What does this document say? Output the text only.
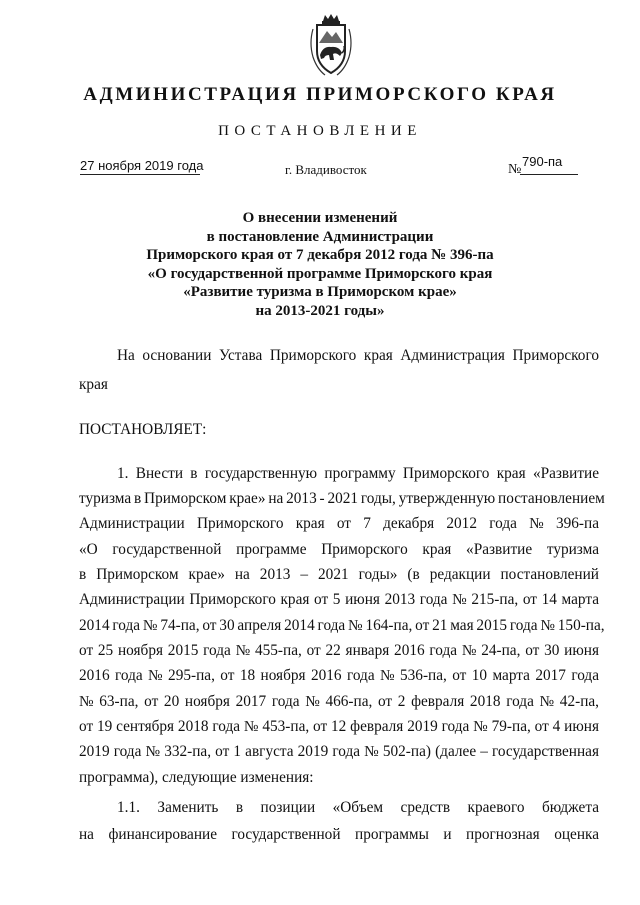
АДМИНИСТРАЦИЯ ПРИМОРСКОГО КРАЯ
ПОСТАНОВЛЕНИЕ
27 ноября 2019 года	г. Владивосток	№
790-па
О внесении изменений
в постановление Администрации
Приморского края от 7 декабря 2012 года № 396-па
«О государственной программе Приморского края
«Развитие туризма в Приморском крае»
на 2013-2021 годы»
На основании Устава Приморского края Администрация Приморского
края
ПОСТАНОВЛЯЕТ:
1. Внести в государственную программу Приморского края «Развитие
туризма в Приморском крае» на 2013 - 2021 годы, утвержденную постановлением
Администрации Приморского края от 7 декабря 2012 года № 396-па
«О государственной программе Приморского края «Развитие туризма
в Приморском крае» на 2013 – 2021 годы» (в редакции постановлений
Администрации Приморского края от 5 июня 2013 года № 215-па, от 14 марта
2014 года № 74-па, от 30 апреля 2014 года № 164-па, от 21 мая 2015 года № 150-па,
от 25 ноября 2015 года № 455-па, от 22 января 2016 года № 24-па, от 30 июня
2016 года № 295-па, от 18 ноября 2016 года № 536-па, от 10 марта 2017 года
№ 63-па, от 20 ноября 2017 года № 466-па, от 2 февраля 2018 года № 42-па,
от 19 сентября 2018 года № 453-па, от 12 февраля 2019 года № 79-па, от 4 июня
2019 года № 332-па, от 1 августа 2019 года № 502-па) (далее – государственная
программа), следующие изменения:
1.1. Заменить в позиции «Объем средств краевого бюджета
на финансирование государственной программы и прогнозная оценка
